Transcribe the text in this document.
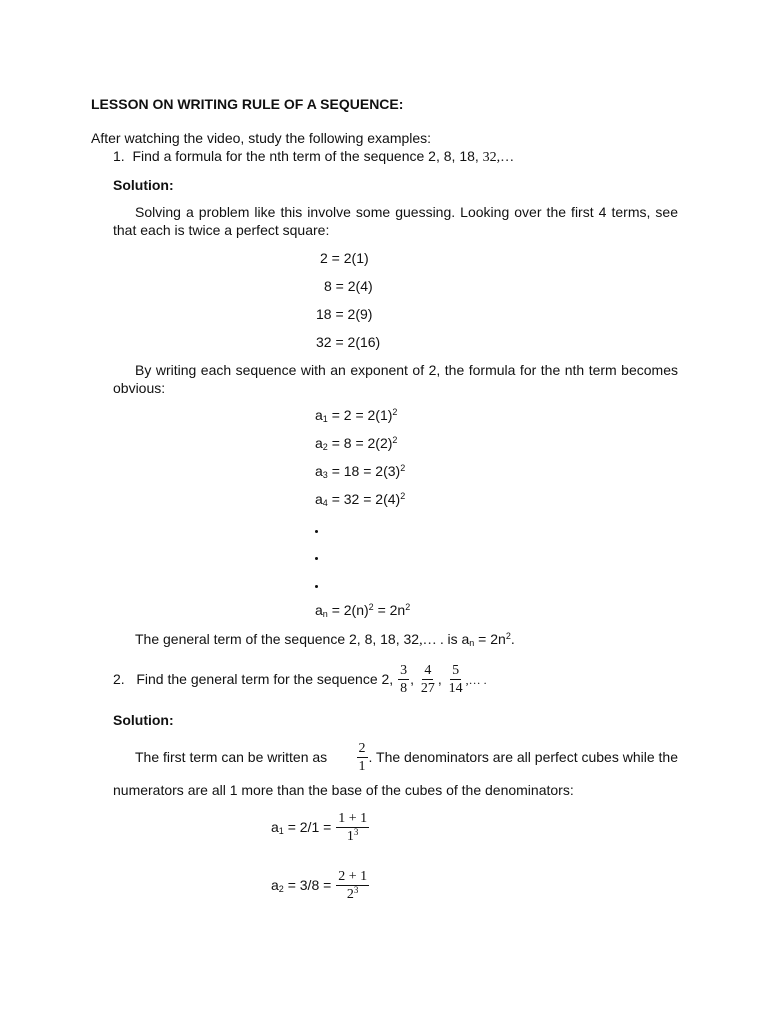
LESSON ON WRITING RULE OF A SEQUENCE:
After watching the video, study the following examples:
1. Find a formula for the nth term of the sequence 2, 8, 18, 32,…
Solution:
Solving a problem like this involve some guessing. Looking over the first 4 terms, see that each is twice a perfect square:
2 = 2(1)
8 = 2(4)
18 = 2(9)
32 = 2(16)
By writing each sequence with an exponent of 2, the formula for the nth term becomes obvious:
$a_1 = 2 = 2(1)^2$
$a_2 = 8 = 2(2)^2$
$a_3 = 18 = 2(3)^2$
$a_4 = 32 = 2(4)^2$
$a_n = 2(n)^2 = 2n^2$
The general term of the sequence 2, 8, 18, 32,… . is $a_n = 2n^2$.
2. Find the general term for the sequence 2, $\frac{3}{8}$ , $\frac{4}{27}$ , $\frac{5}{14}$ ,… .
Solution:
The first term can be written as $\frac{2}{1}$ . The denominators are all perfect cubes while the
numerators are all 1 more than the base of the cubes of the denominators:
$a_1 = 2/1 = \frac{1 + 1}{1^3}$
$a_2 = 3/8 = \frac{2 + 1}{2^3}$
